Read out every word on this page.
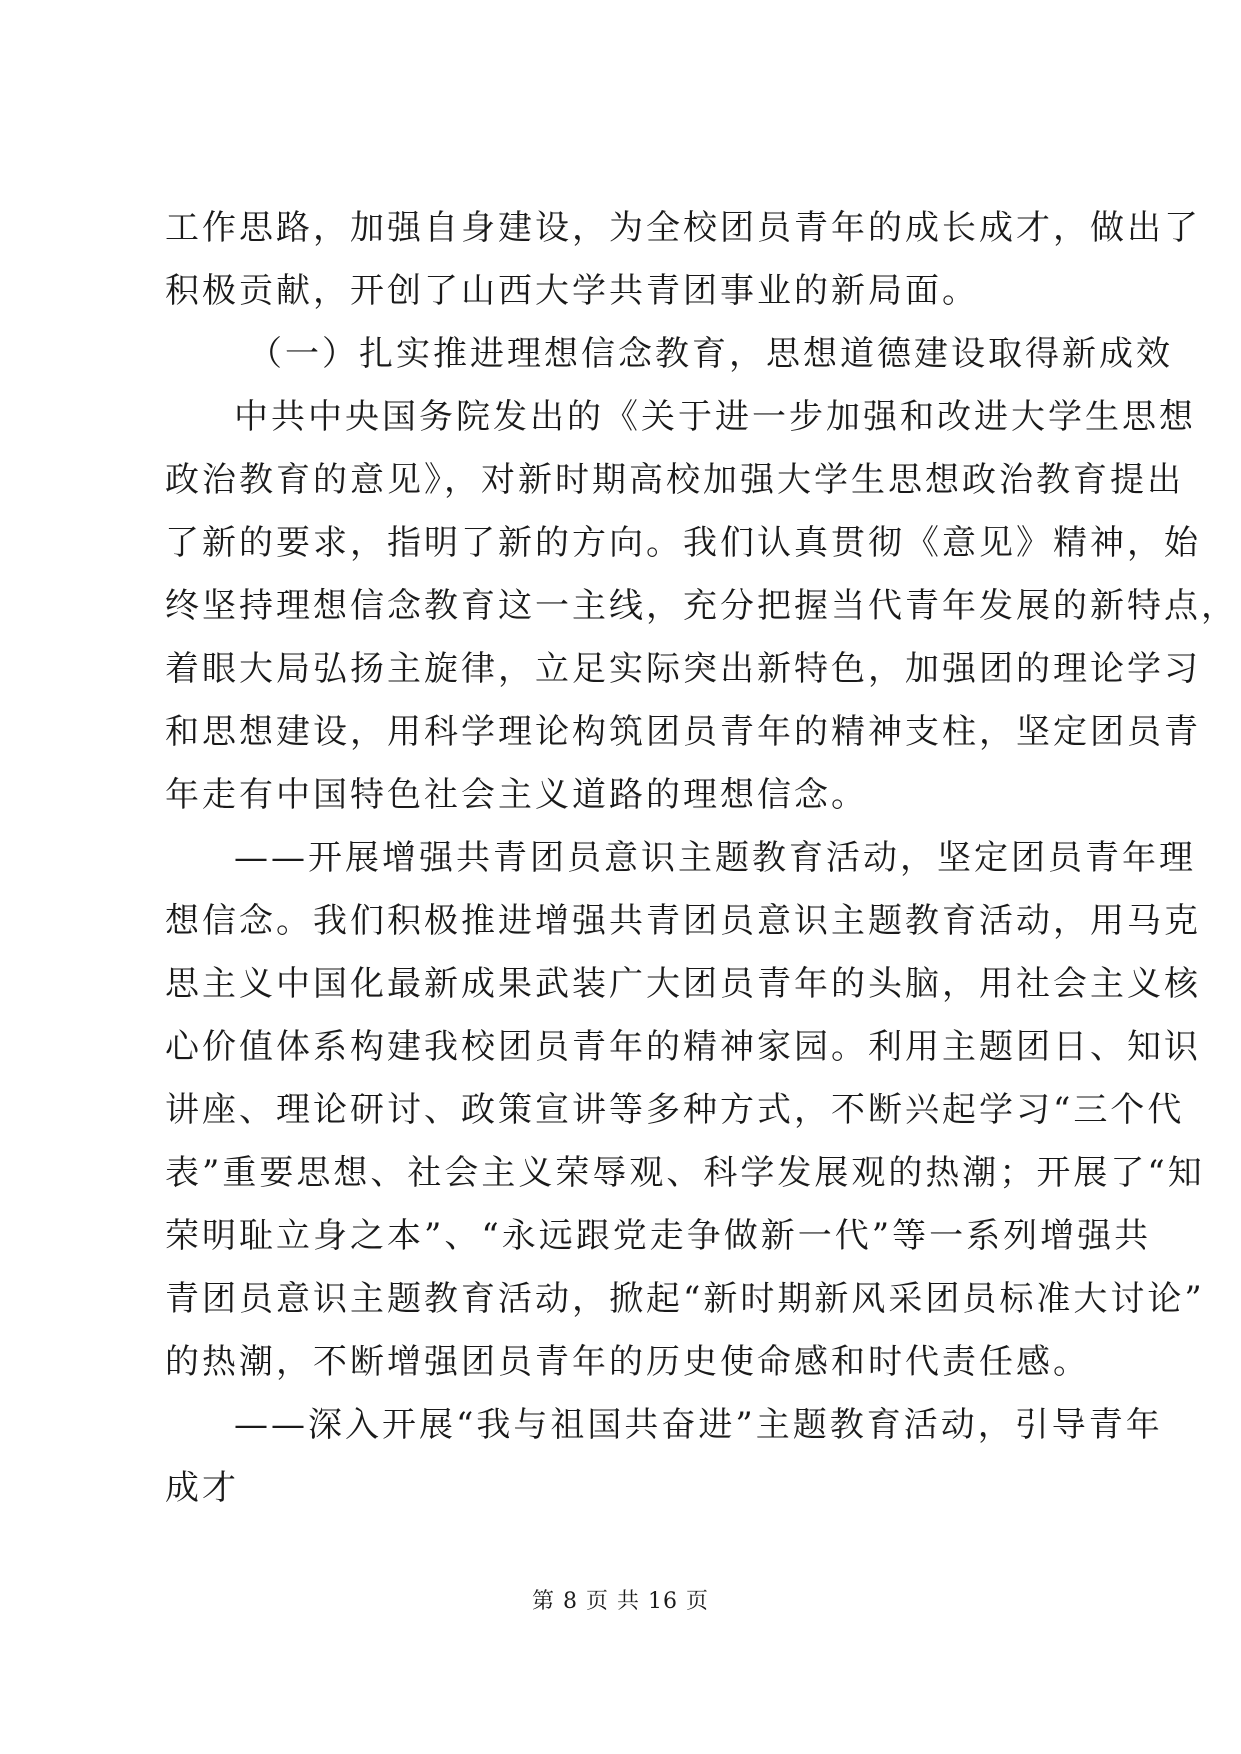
工作思路，加强自身建设，为全校团员青年的成长成才，做出了
积极贡献，开创了山西大学共青团事业的新局面。
（一）扎实推进理想信念教育，思想道德建设取得新成效
中共中央国务院发出的《关于进一步加强和改进大学生思想
政治教育的意见》，对新时期高校加强大学生思想政治教育提出
了新的要求，指明了新的方向。我们认真贯彻《意见》精神，始
终坚持理想信念教育这一主线，充分把握当代青年发展的新特点，
着眼大局弘扬主旋律，立足实际突出新特色，加强团的理论学习
和思想建设，用科学理论构筑团员青年的精神支柱，坚定团员青
年走有中国特色社会主义道路的理想信念。
——开展增强共青团员意识主题教育活动，坚定团员青年理
想信念。我们积极推进增强共青团员意识主题教育活动，用马克
思主义中国化最新成果武装广大团员青年的头脑，用社会主义核
心价值体系构建我校团员青年的精神家园。利用主题团日、知识
讲座、理论研讨、政策宣讲等多种方式，不断兴起学习“三个代
表”重要思想、社会主义荣辱观、科学发展观的热潮；开展了“知
荣明耻立身之本”、“永远跟党走争做新一代”等一系列增强共
青团员意识主题教育活动，掀起“新时期新风采团员标准大讨论”
的热潮，不断增强团员青年的历史使命感和时代责任感。
——深入开展“我与祖国共奋进”主题教育活动，引导青年
成才
第 8 页 共 16 页
